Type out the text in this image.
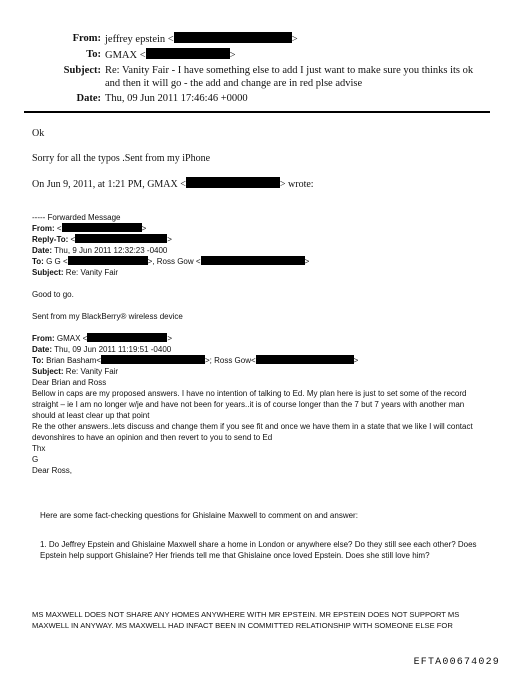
From: jeffrey epstein <	>
To: GMAX <	>
Subject: Re: Vanity Fair - I have something else to add I just want to make sure you thinks its ok and then it will go - the add and change are in red plse advise
Date: Thu, 09 Jun 2011 17:46:46 +0000

Ok

Sorry for all the typos .Sent from my iPhone

On Jun 9, 2011, at 1:21 PM, GMAX <	> wrote:

----- Forwarded Message
From: <	>
Reply-To: <	>
Date: Thu, 9 Jun 2011 12:32:23 -0400
To: G G <	>, Ross Gow <	>
Subject: Re: Vanity Fair
Good to go.
Sent from my BlackBerry® wireless device
From: GMAX <	>
Date: Thu, 09 Jun 2011 11:19:51 -0400
To: Brian Basham<	>; Ross Gow<	>
Subject: Re: Vanity Fair
Dear Brian and Ross
Bellow in caps are my proposed answers. I have no intention of talking to Ed. My plan here is just to set some of the record straight – ie I am no longer w/je and have not been for years..it is of course longer than the 7 but 7 years with another man should at least clear up that point
Re the other answers..lets discuss and change them if you see fit and once we have them in a state that we like I will contact devonshires to have an opinion and then revert to you to send to Ed
Thx
G
Dear Ross,

Here are some fact-checking questions for Ghislaine Maxwell to comment on and answer:

1. Do Jeffrey Epstein and Ghislaine Maxwell share a home in London or anywhere else? Do they still see each other? Does Epstein help support Ghislaine? Her friends tell me that Ghislaine once loved Epstein. Does she still love him?

MS MAXWELL DOES NOT SHARE ANY HOMES ANYWHERE WITH MR EPSTEIN. MR EPSTEIN DOES NOT SUPPORT MS MAXWELL IN ANYWAY. MS MAXWELL HAD INFACT BEEN IN COMMITTED RELATIONSHIP WITH SOMEONE ELSE FOR
EFTA00674029
